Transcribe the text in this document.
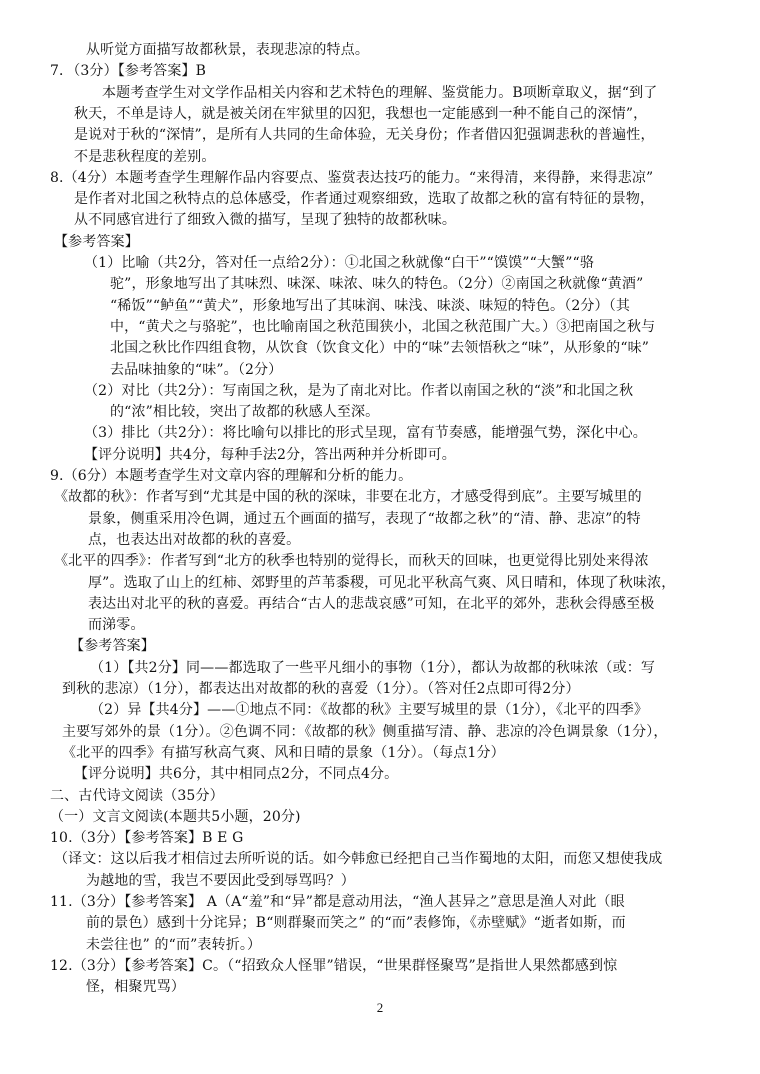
从听觉方面描写故都秋景，表现悲凉的特点。
7．（3分）【参考答案】B
本题考查学生对文学作品相关内容和艺术特色的理解、鉴赏能力。B项断章取义，据“到了
秋天，不单是诗人，就是被关闭在牢狱里的囚犯，我想也一定能感到一种不能自己的深情”，
是说对于秋的“深情”，是所有人共同的生命体验，无关身份；作者借囚犯强调悲秋的普遍性，
不是悲秋程度的差别。
8.（4分）本题考查学生理解作品内容要点、鉴赏表达技巧的能力。“来得清，来得静，来得悲凉”
是作者对北国之秋特点的总体感受，作者通过观察细致，选取了故都之秋的富有特征的景物，
从不同感官进行了细致入微的描写，呈现了独特的故都秋味。
【参考答案】
（1）比喻（共2分，答对任一点给2分）：①北国之秋就像“白干”“馍馍”“大蟹”“骆
驼”，形象地写出了其味烈、味深、味浓、味久的特色。（2分）②南国之秋就像“黄酒”
“稀饭”“鲈鱼”“黄犬”，形象地写出了其味润、味浅、味淡、味短的特色。（2分）（其
中，“黄犬之与骆驼”，也比喻南国之秋范围狭小，北国之秋范围广大。）③把南国之秋与
北国之秋比作四组食物，从饮食（饮食文化）中的“味”去领悟秋之“味”，从形象的“味”
去品味抽象的“味”。（2分）
（2）对比（共2分）：写南国之秋，是为了南北对比。作者以南国之秋的“淡”和北国之秋
的“浓”相比较，突出了故都的秋感人至深。
（3）排比（共2分）：将比喻句以排比的形式呈现，富有节奏感，能增强气势，深化中心。
【评分说明】共4分，每种手法2分，答出两种并分析即可。
9.（6分）本题考查学生对文章内容的理解和分析的能力。
《故都的秋》：作者写到“尤其是中国的秋的深味，非要在北方，才感受得到底”。主要写城里的
景象，侧重采用冷色调，通过五个画面的描写，表现了“故都之秋”的“清、静、悲凉”的特
点，也表达出对故都的秋的喜爱。
《北平的四季》：作者写到“北方的秋季也特别的觉得长，而秋天的回味，也更觉得比别处来得浓
厚”。选取了山上的红柿、郊野里的芦苇黍稷，可见北平秋高气爽、风日晴和，体现了秋味浓，
表达出对北平的秋的喜爱。再结合“古人的悲哉哀感”可知，在北平的郊外，悲秋会得感至极
而涕零。
【参考答案】
（1）【共2分】同——都选取了一些平凡细小的事物（1分），都认为故都的秋味浓（或：写
到秋的悲凉）（1分），都表达出对故都的秋的喜爱（1分）。（答对任2点即可得2分）
（2）异【共4分】——①地点不同：《故都的秋》主要写城里的景（1分），《北平的四季》
主要写郊外的景（1分）。②色调不同：《故都的秋》侧重描写清、静、悲凉的冷色调景象（1分），
《北平的四季》有描写秋高气爽、风和日晴的景象（1分）。（每点1分）
【评分说明】共6分，其中相同点2分，不同点4分。
二、古代诗文阅读（35分）
（一）文言文阅读(本题共5小题，20分)
10.（3分）【参考答案】B E G
（译文：这以后我才相信过去所听说的话。如今韩愈已经把自己当作蜀地的太阳，而您又想使我成
为越地的雪，我岂不要因此受到辱骂吗？）
11.（3分）【参考答案】 A（A“羞”和“异”都是意动用法，“渔人甚异之”意思是渔人对此（眼
前的景色）感到十分诧异；B“则群聚而笑之” 的“而”表修饰，《赤壁赋》“逝者如斯，而
未尝往也” 的“而”表转折。）
12.（3分）【参考答案】C。（“招致众人怪罪”错误，“世果群怪聚骂”是指世人果然都感到惊
怪，相聚咒骂）
2
